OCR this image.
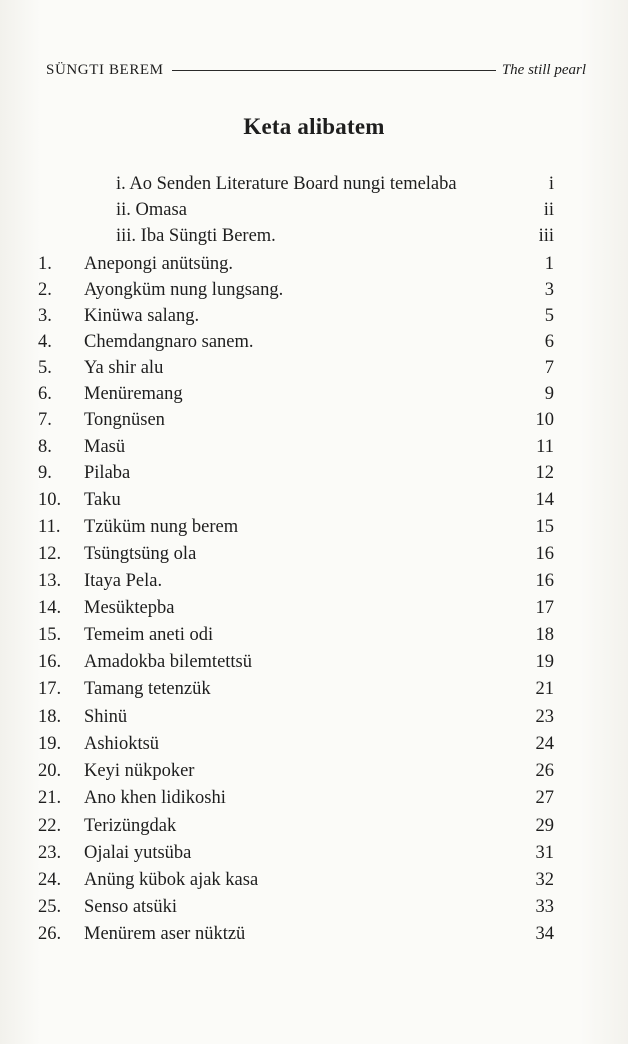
SÜNGTI BEREM	The still pearl
Keta alibatem
i. Ao Senden Literature Board nungi temelaba	i
ii. Omasa	ii
iii. Iba Süngti Berem.	iii
1.	Anepongi anütsüng.	1
2.	Ayongküm nung lungsang.	3
3.	Kinüwa salang.	5
4.	Chemdangnaro sanem.	6
5.	Ya shir alu	7
6.	Menüremang	9
7.	Tongnüsen	10
8.	Masü	11
9.	Pilaba	12
10.	Taku	14
11.	Tzüküm nung berem	15
12.	Tsüngtsüng ola	16
13.	Itaya Pela.	16
14.	Mesüktepba	17
15.	Temeim aneti odi	18
16.	Amadokba bilemtettsü	19
17.	Tamang tetenzük	21
18.	Shinü	23
19.	Ashioktsü	24
20.	Keyi nükpoker	26
21.	Ano khen lidikoshi	27
22.	Terizüngdak	29
23.	Ojalai yutsüba	31
24.	Anüng kübok ajak kasa	32
25.	Senso atsüki	33
26.	Menürem aser nüktzü	34
